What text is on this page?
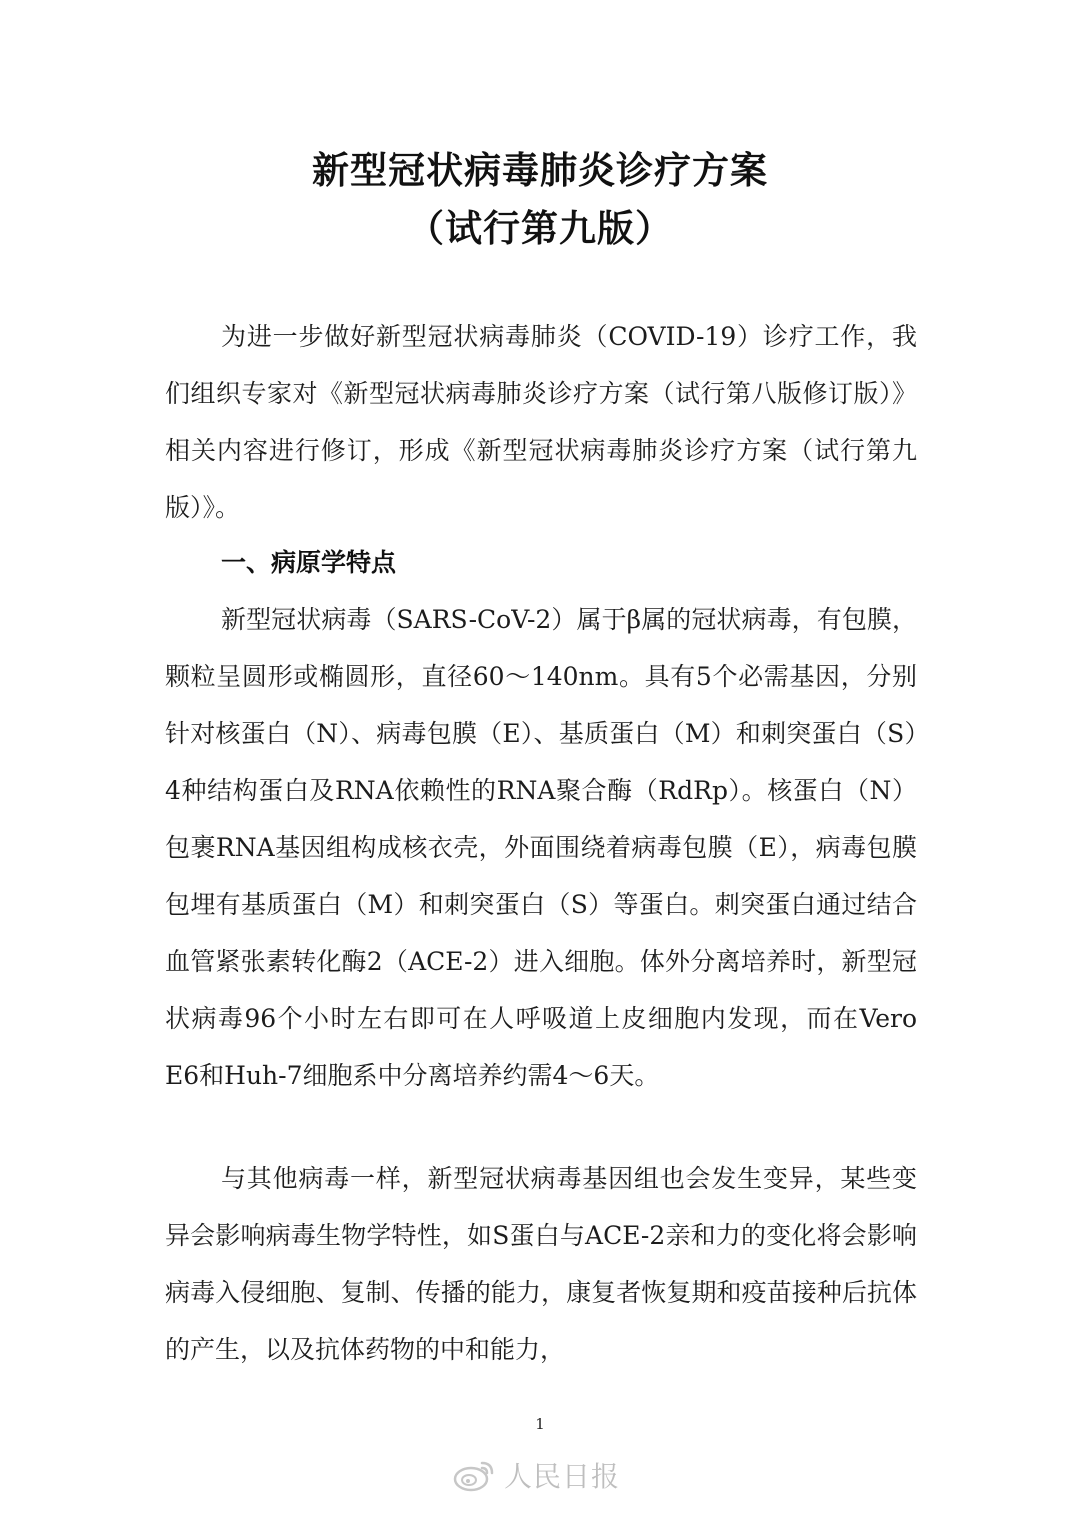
新型冠状病毒肺炎诊疗方案
（试行第九版）
为进一步做好新型冠状病毒肺炎（COVID-19）诊疗工作，我们组织专家对《新型冠状病毒肺炎诊疗方案（试行第八版修订版）》相关内容进行修订，形成《新型冠状病毒肺炎诊疗方案（试行第九版）》。
一、病原学特点
新型冠状病毒（SARS-CoV-2）属于β属的冠状病毒，有包膜，颗粒呈圆形或椭圆形，直径60～140nm。具有5个必需基因，分别针对核蛋白（N）、病毒包膜（E）、基质蛋白（M）和刺突蛋白（S）4种结构蛋白及RNA依赖性的RNA聚合酶（RdRp）。核蛋白（N）包裹RNA基因组构成核衣壳，外面围绕着病毒包膜（E），病毒包膜包埋有基质蛋白（M）和刺突蛋白（S）等蛋白。刺突蛋白通过结合血管紧张素转化酶2（ACE-2）进入细胞。体外分离培养时，新型冠状病毒96个小时左右即可在人呼吸道上皮细胞内发现，而在Vero E6和Huh-7细胞系中分离培养约需4～6天。
与其他病毒一样，新型冠状病毒基因组也会发生变异，某些变异会影响病毒生物学特性，如S蛋白与ACE-2亲和力的变化将会影响病毒入侵细胞、复制、传播的能力，康复者恢复期和疫苗接种后抗体的产生，以及抗体药物的中和能力，
1
人民日报
